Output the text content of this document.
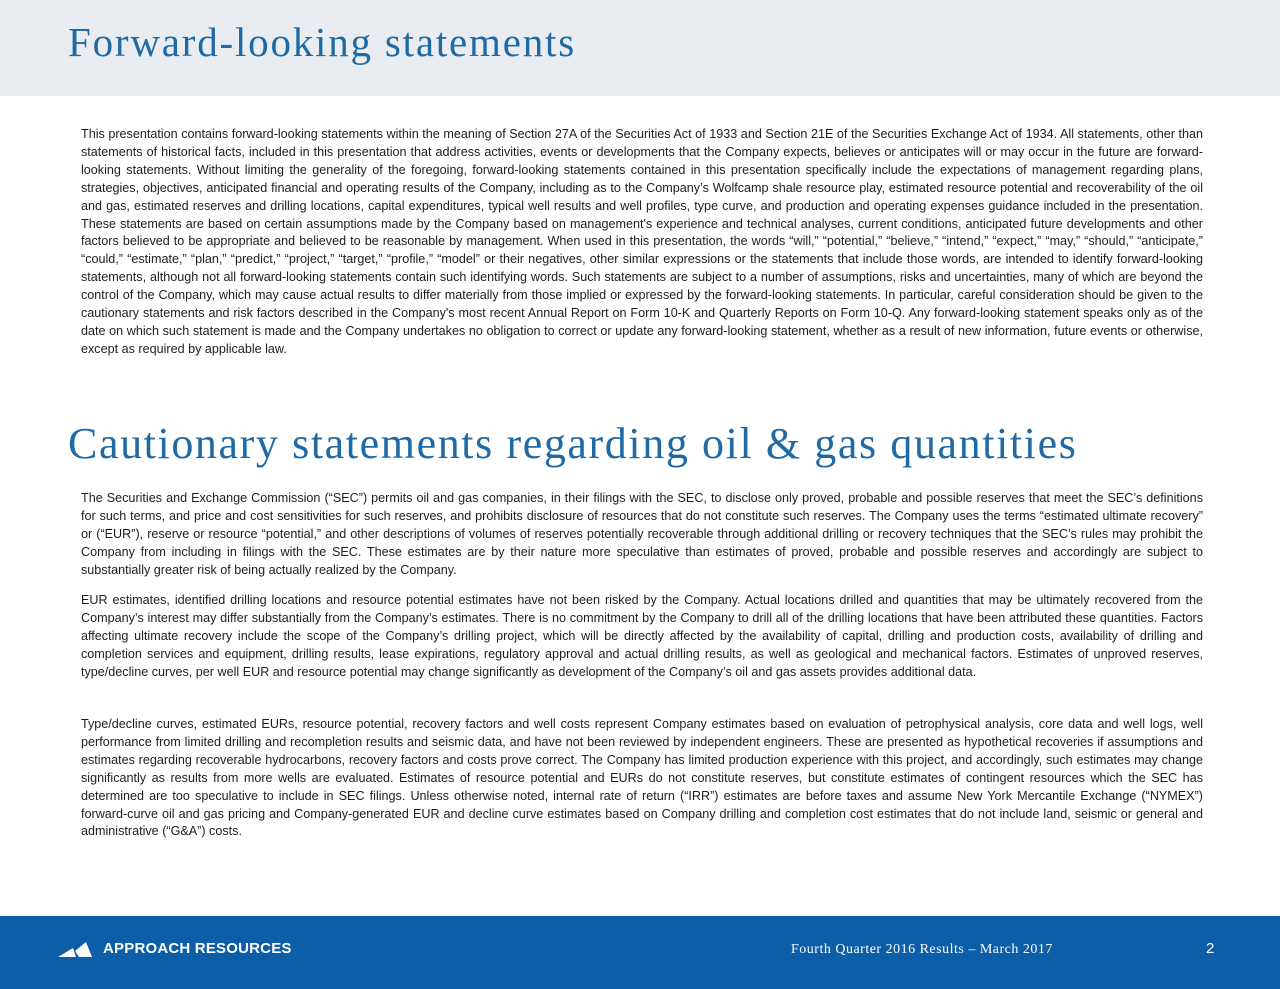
Forward-looking statements

This presentation contains forward-looking statements within the meaning of Section 27A of the Securities Act of 1933 and Section 21E of the Securities Exchange Act of 1934. All statements, other than statements of historical facts, included in this presentation that address activities, events or developments that the Company expects, believes or anticipates will or may occur in the future are forward-looking statements. Without limiting the generality of the foregoing, forward-looking statements contained in this presentation specifically include the expectations of management regarding plans, strategies, objectives, anticipated financial and operating results of the Company, including as to the Company’s Wolfcamp shale resource play, estimated resource potential and recoverability of the oil and gas, estimated reserves and drilling locations, capital expenditures, typical well results and well profiles, type curve, and production and operating expenses guidance included in the presentation. These statements are based on certain assumptions made by the Company based on management's experience and technical analyses, current conditions, anticipated future developments and other factors believed to be appropriate and believed to be reasonable by management. When used in this presentation, the words “will,” “potential,” “believe,” “intend,” “expect,” “may,” “should,” “anticipate,” “could,” “estimate,” “plan,” “predict,” “project,” “target,” “profile,” “model” or their negatives, other similar expressions or the statements that include those words, are intended to identify forward-looking statements, although not all forward-looking statements contain such identifying words. Such statements are subject to a number of assumptions, risks and uncertainties, many of which are beyond the control of the Company, which may cause actual results to differ materially from those implied or expressed by the forward-looking statements. In particular, careful consideration should be given to the cautionary statements and risk factors described in the Company's most recent Annual Report on Form 10-K and Quarterly Reports on Form 10-Q. Any forward-looking statement speaks only as of the date on which such statement is made and the Company undertakes no obligation to correct or update any forward-looking statement, whether as a result of new information, future events or otherwise, except as required by applicable law.

Cautionary statements regarding oil & gas quantities

The Securities and Exchange Commission (“SEC”) permits oil and gas companies, in their filings with the SEC, to disclose only proved, probable and possible reserves that meet the SEC’s definitions for such terms, and price and cost sensitivities for such reserves, and prohibits disclosure of resources that do not constitute such reserves. The Company uses the terms “estimated ultimate recovery” or (“EUR”), reserve or resource “potential,” and other descriptions of volumes of reserves potentially recoverable through additional drilling or recovery techniques that the SEC’s rules may prohibit the Company from including in filings with the SEC. These estimates are by their nature more speculative than estimates of proved, probable and possible reserves and accordingly are subject to substantially greater risk of being actually realized by the Company.

EUR estimates, identified drilling locations and resource potential estimates have not been risked by the Company. Actual locations drilled and quantities that may be ultimately recovered from the Company’s interest may differ substantially from the Company’s estimates. There is no commitment by the Company to drill all of the drilling locations that have been attributed these quantities. Factors affecting ultimate recovery include the scope of the Company’s drilling project, which will be directly affected by the availability of capital, drilling and production costs, availability of drilling and completion services and equipment, drilling results, lease expirations, regulatory approval and actual drilling results, as well as geological and mechanical factors. Estimates of unproved reserves, type/decline curves, per well EUR and resource potential may change significantly as development of the Company’s oil and gas assets provides additional data.

Type/decline curves, estimated EURs, resource potential, recovery factors and well costs represent Company estimates based on evaluation of petrophysical analysis, core data and well logs, well performance from limited drilling and recompletion results and seismic data, and have not been reviewed by independent engineers. These are presented as hypothetical recoveries if assumptions and estimates regarding recoverable hydrocarbons, recovery factors and costs prove correct. The Company has limited production experience with this project, and accordingly, such estimates may change significantly as results from more wells are evaluated. Estimates of resource potential and EURs do not constitute reserves, but constitute estimates of contingent resources which the SEC has determined are too speculative to include in SEC filings. Unless otherwise noted, internal rate of return (“IRR”) estimates are before taxes and assume New York Mercantile Exchange (“NYMEX”) forward-curve oil and gas pricing and Company-generated EUR and decline curve estimates based on Company drilling and completion cost estimates that do not include land, seismic or general and administrative (“G&A”) costs.

APPROACH RESOURCES	Fourth Quarter 2016 Results – March 2017	2
